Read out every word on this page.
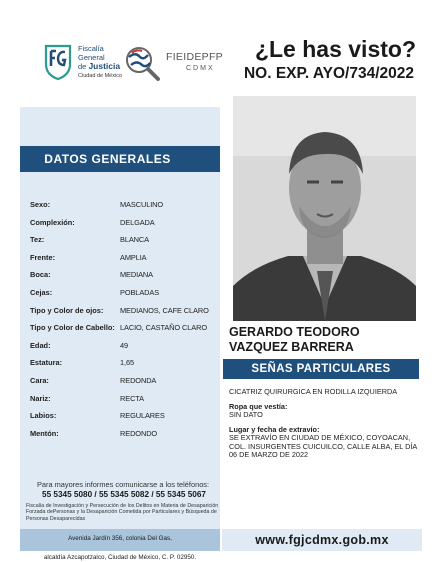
Fiscalía
General
de Justicia
Ciudad de México
FIEIDEPFP
CDMX
¿Le has visto?
NO. EXP. AYO/734/2022
DATOS GENERALES
Sexo:	MASCULINO
Complexión:	DELGADA
Tez:	BLANCA
Frente:	AMPLIA
Boca:	MEDIANA
Cejas:	POBLADAS
Tipo y Color de ojos: MEDIANOS, CAFE CLARO
Tipo y Color de Cabello: LACIO, CASTAÑO CLARO
Edad:	49
Estatura:	1,65
Cara:	REDONDA
Nariz:	RECTA
Labios:	REGULARES
Mentón:	REDONDO
Para mayores informes comunicarse a los teléfonos:
55 5345 5080 / 55 5345 5082 / 55 5345 5067
Fiscalía de Investigación y Persecución de los Delitos en Materia de Desaparición Forzada dePersonas y la Desaparición Cometida por Particulares y Búsqueda de Personas Desaparecidas
GERARDO TEODORO
VAZQUEZ BARRERA
SEÑAS PARTICULARES
CICATRIZ QUIRURGICA EN RODILLA IZQUIERDA
Ropa que vestía:
SIN DATO
Lugar y fecha de extravío:
SE EXTRAVÍO EN CIUDAD DE MÉXICO, COYOACAN, COL. INSURGENTES CUICUILCO, CALLE ALBA, EL DÍA 06 DE MARZO DE 2022
Avenida Jardín 356, colonia Del Gas,

alcaldía Azcapotzalco, Ciudad de México, C. P. 02950.
www.fgjcdmx.gob.mx
